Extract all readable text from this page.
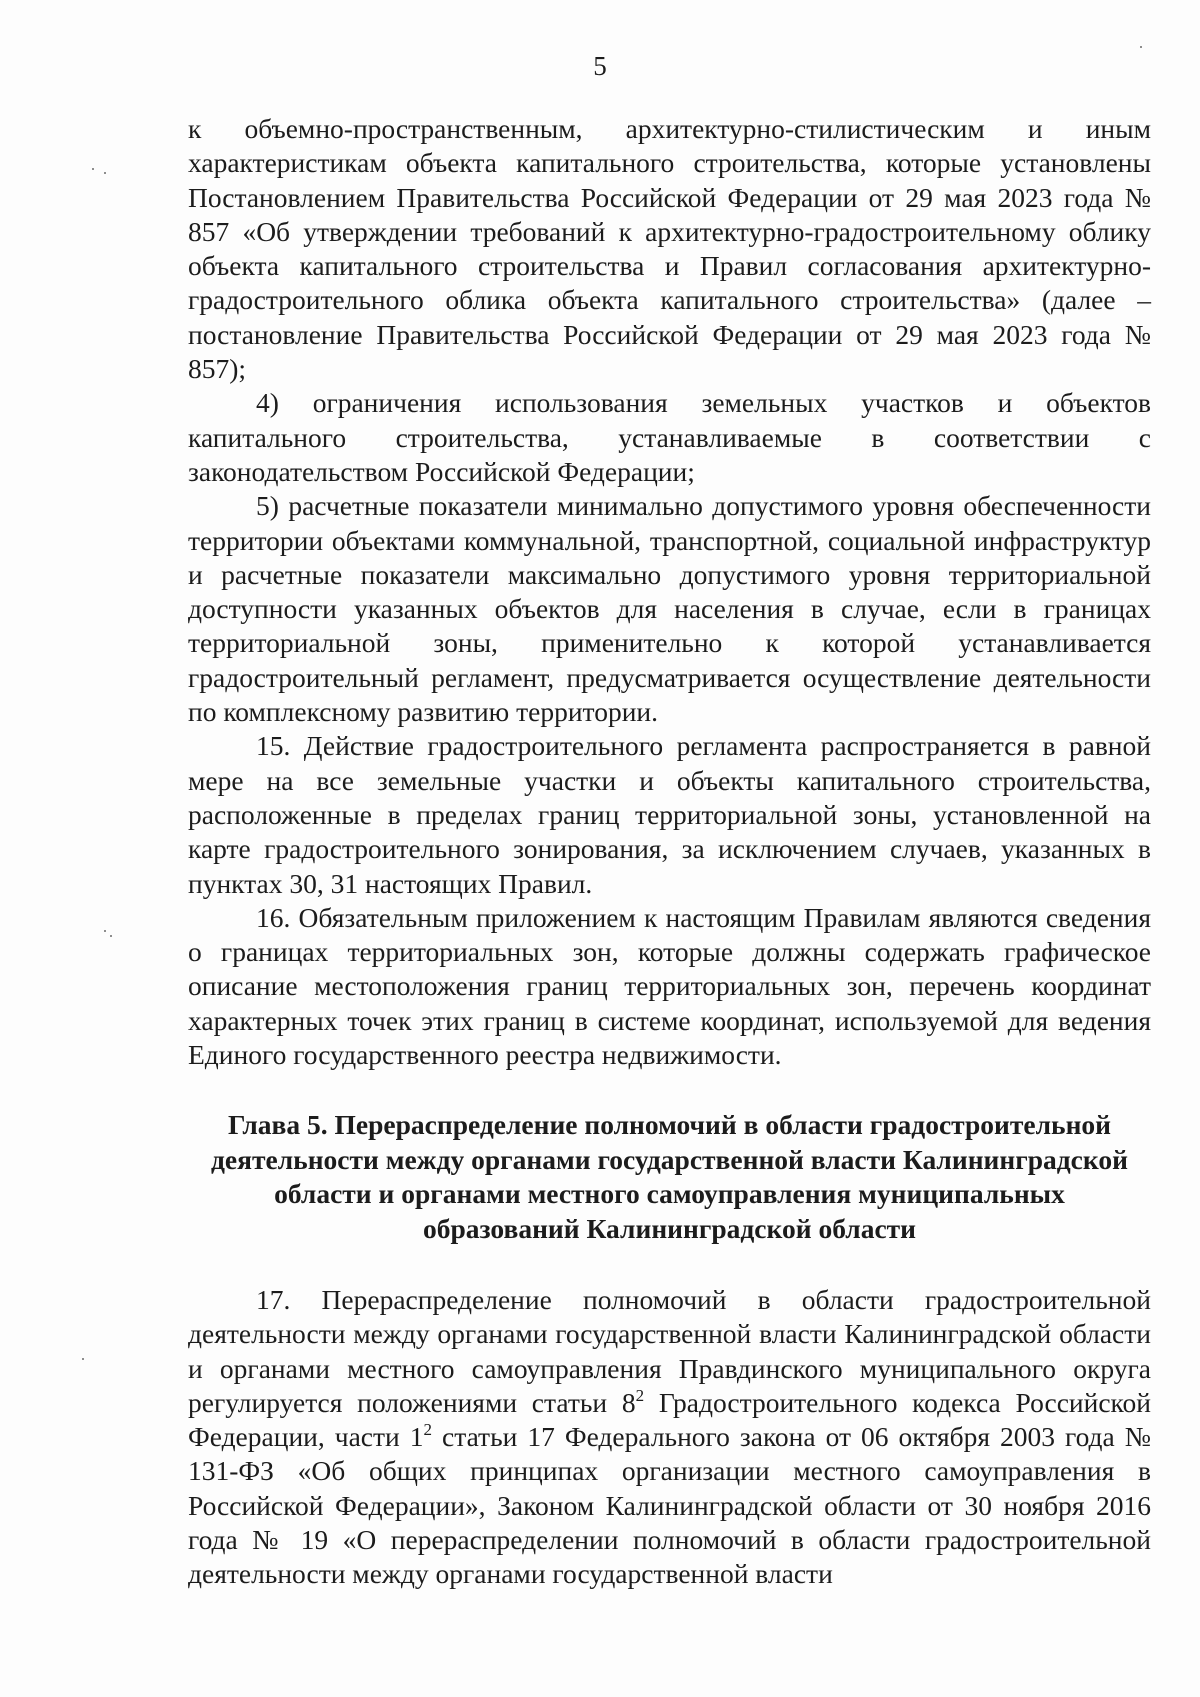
5

к объемно-пространственным, архитектурно-стилистическим и иным характеристикам объекта капитального строительства, которые установлены Постановлением Правительства Российской Федерации от 29 мая 2023 года № 857 «Об утверждении требований к архитектурно-градостроительному облику объекта капитального строительства и Правил согласования архитектурно-градостроительного облика объекта капитального строительства» (далее – постановление Правительства Российской Федерации от 29 мая 2023 года № 857);

4) ограничения использования земельных участков и объектов капитального строительства, устанавливаемые в соответствии с законодательством Российской Федерации;

5) расчетные показатели минимально допустимого уровня обеспеченности территории объектами коммунальной, транспортной, социальной инфраструктур и расчетные показатели максимально допустимого уровня территориальной доступности указанных объектов для населения в случае, если в границах территориальной зоны, применительно к которой устанавливается градостроительный регламент, предусматривается осуществление деятельности по комплексному развитию территории.

15. Действие градостроительного регламента распространяется в равной мере на все земельные участки и объекты капитального строительства, расположенные в пределах границ территориальной зоны, установленной на карте градостроительного зонирования, за исключением случаев, указанных в пунктах 30, 31 настоящих Правил.

16. Обязательным приложением к настоящим Правилам являются сведения о границах территориальных зон, которые должны содержать графическое описание местоположения границ территориальных зон, перечень координат характерных точек этих границ в системе координат, используемой для ведения Единого государственного реестра недвижимости.

Глава 5. Перераспределение полномочий в области градостроительной
деятельности между органами государственной власти Калининградской
области и органами местного самоуправления муниципальных
образований Калининградской области

17. Перераспределение полномочий в области градостроительной деятельности между органами государственной власти Калининградской области и органами местного самоуправления Правдинского муниципального округа регулируется положениями статьи $8^2$ Градостроительного кодекса Российской Федерации, части $1^2$ статьи 17 Федерального закона от 06 октября 2003 года № 131-ФЗ «Об общих принципах организации местного самоуправления в Российской Федерации», Законом Калининградской области от 30 ноября 2016 года № 19 «О перераспределении полномочий в области градостроительной деятельности между органами государственной власти
